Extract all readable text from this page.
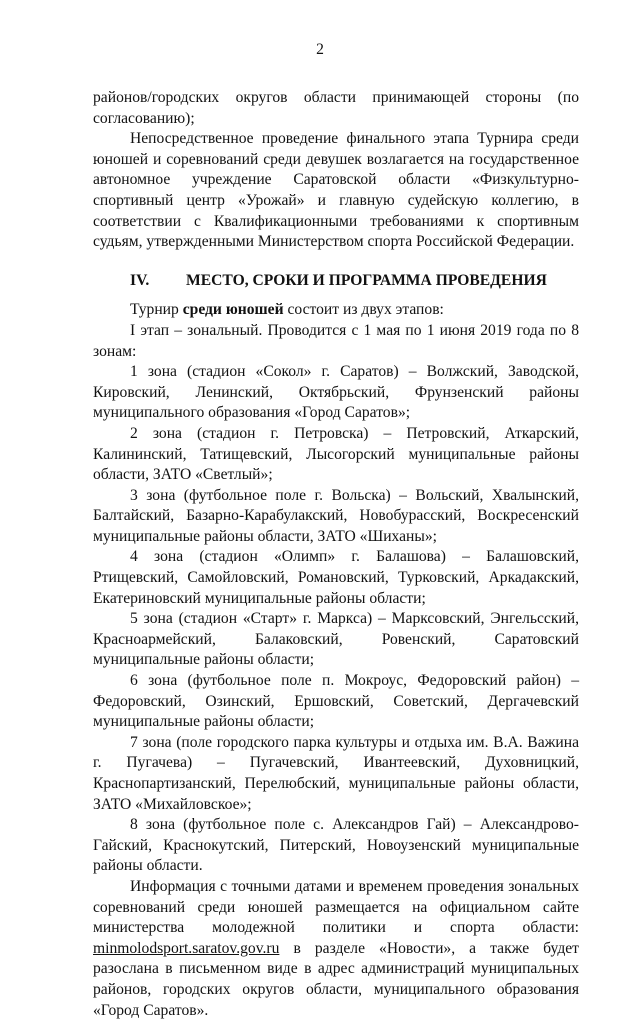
2

районов/городских округов области принимающей стороны (по согласованию);

Непосредственное проведение финального этапа Турнира среди юношей и соревнований среди девушек возлагается на государственное автономное учреждение Саратовской области «Физкультурно-спортивный центр «Урожай» и главную судейскую коллегию, в соответствии с Квалификационными требованиями к спортивным судьям, утвержденными Министерством спорта Российской Федерации.

IV. МЕСТО, СРОКИ И ПРОГРАММА ПРОВЕДЕНИЯ

Турнир среди юношей состоит из двух этапов:

I этап – зональный. Проводится с 1 мая по 1 июня 2019 года по 8 зонам:

1 зона (стадион «Сокол» г. Саратов) – Волжский, Заводской, Кировский, Ленинский, Октябрьский, Фрунзенский районы муниципального образования «Город Саратов»;

2 зона (стадион г. Петровска) – Петровский, Аткарский, Калининский, Татищевский, Лысогорский муниципальные районы области, ЗАТО «Светлый»;

3 зона (футбольное поле г. Вольска) – Вольский, Хвалынский, Балтайский, Базарно-Карабулакский, Новобурасский, Воскресенский муниципальные районы области, ЗАТО «Шиханы»;

4 зона (стадион «Олимп» г. Балашова) – Балашовский, Ртищевский, Самойловский, Романовский, Турковский, Аркадакский, Екатериновский муниципальные районы области;

5 зона (стадион «Старт» г. Маркса) – Марксовский, Энгельсский, Красноармейский, Балаковский, Ровенский, Саратовский муниципальные районы области;

6 зона (футбольное поле п. Мокроус, Федоровский район) – Федоровский, Озинский, Ершовский, Советский, Дергачевский муниципальные районы области;

7 зона (поле городского парка культуры и отдыха им. В.А. Важина г. Пугачева) – Пугачевский, Ивантеевский, Духовницкий, Краснопартизанский, Перелюбский, муниципальные районы области, ЗАТО «Михайловское»;

8 зона (футбольное поле с. Александров Гай) – Александрово-Гайский, Краснокутский, Питерский, Новоузенский муниципальные районы области.

Информация с точными датами и временем проведения зональных соревнований среди юношей размещается на официальном сайте министерства молодежной политики и спорта области: minmolodsport.saratov.gov.ru в разделе «Новости», а также будет разослана в письменном виде в адрес администраций муниципальных районов, городских округов области, муниципального образования «Город Саратов».
